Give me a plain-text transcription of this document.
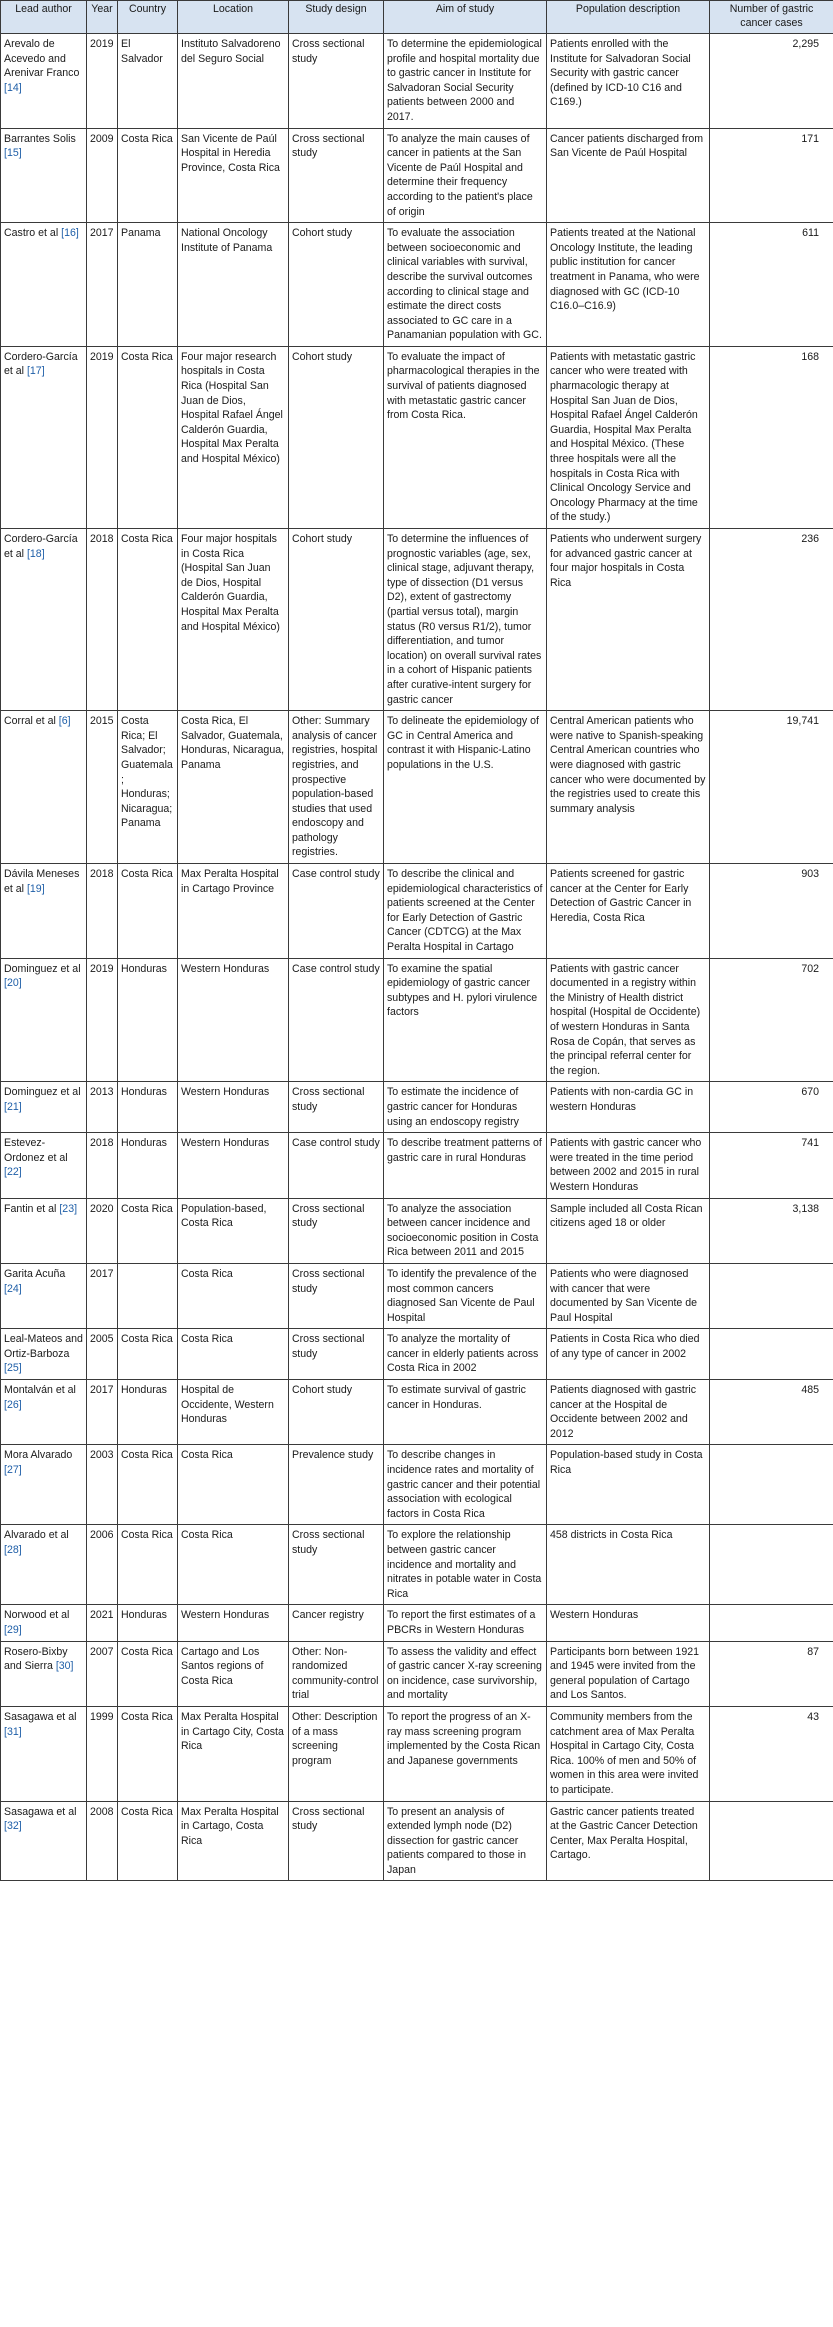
Lead author	Year	Country	Location	Study design	Aim of study	Population description	Number of gastric cancer cases
Arevalo de Acevedo and Arenivar Franco [14]	2019	El Salvador	Instituto Salvadoreno del Seguro Social	Cross sectional study	To determine the epidemiological profile and hospital mortality due to gastric cancer in Institute for Salvadoran Social Security patients between 2000 and 2017.	Patients enrolled with the Institute for Salvadoran Social Security with gastric cancer (defined by ICD-10 C16 and C169.)	2,295
Barrantes Solis [15]	2009	Costa Rica	San Vicente de Paúl Hospital in Heredia Province, Costa Rica	Cross sectional study	To analyze the main causes of cancer in patients at the San Vicente de Paúl Hospital and determine their frequency according to the patient's place of origin	Cancer patients discharged from San Vicente de Paúl Hospital	171
Castro et al [16]	2017	Panama	National Oncology Institute of Panama	Cohort study	To evaluate the association between socioeconomic and clinical variables with survival, describe the survival outcomes according to clinical stage and estimate the direct costs associated to GC care in a Panamanian population with GC.	Patients treated at the National Oncology Institute, the leading public institution for cancer treatment in Panama, who were diagnosed with GC (ICD-10 C16.0–C16.9)	611
Cordero-García et al [17]	2019	Costa Rica	Four major research hospitals in Costa Rica (Hospital San Juan de Dios, Hospital Rafael Ángel Calderón Guardia, Hospital Max Peralta and Hospital México)	Cohort study	To evaluate the impact of pharmacological therapies in the survival of patients diagnosed with metastatic gastric cancer from Costa Rica.	Patients with metastatic gastric cancer who were treated with pharmacologic therapy at Hospital San Juan de Dios, Hospital Rafael Ángel Calderón Guardia, Hospital Max Peralta and Hospital México. (These three hospitals were all the hospitals in Costa Rica with Clinical Oncology Service and Oncology Pharmacy at the time of the study.)	168
Cordero-García et al [18]	2018	Costa Rica	Four major hospitals in Costa Rica (Hospital San Juan de Dios, Hospital Calderón Guardia, Hospital Max Peralta and Hospital México)	Cohort study	To determine the influences of prognostic variables (age, sex, clinical stage, adjuvant therapy, type of dissection (D1 versus D2), extent of gastrectomy (partial versus total), margin status (R0 versus R1/2), tumor differentiation, and tumor location) on overall survival rates in a cohort of Hispanic patients after curative-intent surgery for gastric cancer	Patients who underwent surgery for advanced gastric cancer at four major hospitals in Costa Rica	236
Corral et al [6]	2015	Costa Rica; El Salvador; Guatemala; Honduras; Nicaragua; Panama	Costa Rica, El Salvador, Guatemala, Honduras, Nicaragua, Panama	Other: Summary analysis of cancer registries, hospital registries, and prospective population-based studies that used endoscopy and pathology registries.	To delineate the epidemiology of GC in Central America and contrast it with Hispanic-Latino populations in the U.S.	Central American patients who were native to Spanish-speaking Central American countries who were diagnosed with gastric cancer who were documented by the registries used to create this summary analysis	19,741
Dávila Meneses et al [19]	2018	Costa Rica	Max Peralta Hospital in Cartago Province	Case control study	To describe the clinical and epidemiological characteristics of patients screened at the Center for Early Detection of Gastric Cancer (CDTCG) at the Max Peralta Hospital in Cartago	Patients screened for gastric cancer at the Center for Early Detection of Gastric Cancer in Heredia, Costa Rica	903
Dominguez et al [20]	2019	Honduras	Western Honduras	Case control study	To examine the spatial epidemiology of gastric cancer subtypes and H. pylori virulence factors	Patients with gastric cancer documented in a registry within the Ministry of Health district hospital (Hospital de Occidente) of western Honduras in Santa Rosa de Copán, that serves as the principal referral center for the region.	702
Dominguez et al [21]	2013	Honduras	Western Honduras	Cross sectional study	To estimate the incidence of gastric cancer for Honduras using an endoscopy registry	Patients with non-cardia GC in western Honduras	670
Estevez-Ordonez et al [22]	2018	Honduras	Western Honduras	Case control study	To describe treatment patterns of gastric care in rural Honduras	Patients with gastric cancer who were treated in the time period between 2002 and 2015 in rural Western Honduras	741
Fantin et al [23]	2020	Costa Rica	Population-based, Costa Rica	Cross sectional study	To analyze the association between cancer incidence and socioeconomic position in Costa Rica between 2011 and 2015	Sample included all Costa Rican citizens aged 18 or older	3,138
Garita Acuña [24]	2017		Costa Rica	Cross sectional study	To identify the prevalence of the most common cancers diagnosed San Vicente de Paul Hospital	Patients who were diagnosed with cancer that were documented by San Vicente de Paul Hospital	
Leal-Mateos and Ortiz-Barboza [25]	2005	Costa Rica	Costa Rica	Cross sectional study	To analyze the mortality of cancer in elderly patients across Costa Rica in 2002	Patients in Costa Rica who died of any type of cancer in 2002	
Montalván et al [26]	2017	Honduras	Hospital de Occidente, Western Honduras	Cohort study	To estimate survival of gastric cancer in Honduras.	Patients diagnosed with gastric cancer at the Hospital de Occidente between 2002 and 2012	485
Mora Alvarado [27]	2003	Costa Rica	Costa Rica	Prevalence study	To describe changes in incidence rates and mortality of gastric cancer and their potential association with ecological factors in Costa Rica	Population-based study in Costa Rica	
Alvarado et al [28]	2006	Costa Rica	Costa Rica	Cross sectional study	To explore the relationship between gastric cancer incidence and mortality and nitrates in potable water in Costa Rica	458 districts in Costa Rica	
Norwood et al [29]	2021	Honduras	Western Honduras	Cancer registry	To report the first estimates of a PBCRs in Western Honduras	Western Honduras	
Rosero-Bixby and Sierra [30]	2007	Costa Rica	Cartago and Los Santos regions of Costa Rica	Other: Non-randomized community-control trial	To assess the validity and effect of gastric cancer X-ray screening on incidence, case survivorship, and mortality	Participants born between 1921 and 1945 were invited from the general population of Cartago and Los Santos.	87
Sasagawa et al [31]	1999	Costa Rica	Max Peralta Hospital in Cartago City, Costa Rica	Other: Description of a mass screening program	To report the progress of an X-ray mass screening program implemented by the Costa Rican and Japanese governments	Community members from the catchment area of Max Peralta Hospital in Cartago City, Costa Rica. 100% of men and 50% of women in this area were invited to participate.	43
Sasagawa et al [32]	2008	Costa Rica	Max Peralta Hospital in Cartago, Costa Rica	Cross sectional study	To present an analysis of extended lymph node (D2) dissection for gastric cancer patients compared to those in Japan	Gastric cancer patients treated at the Gastric Cancer Detection Center, Max Peralta Hospital, Cartago.	
